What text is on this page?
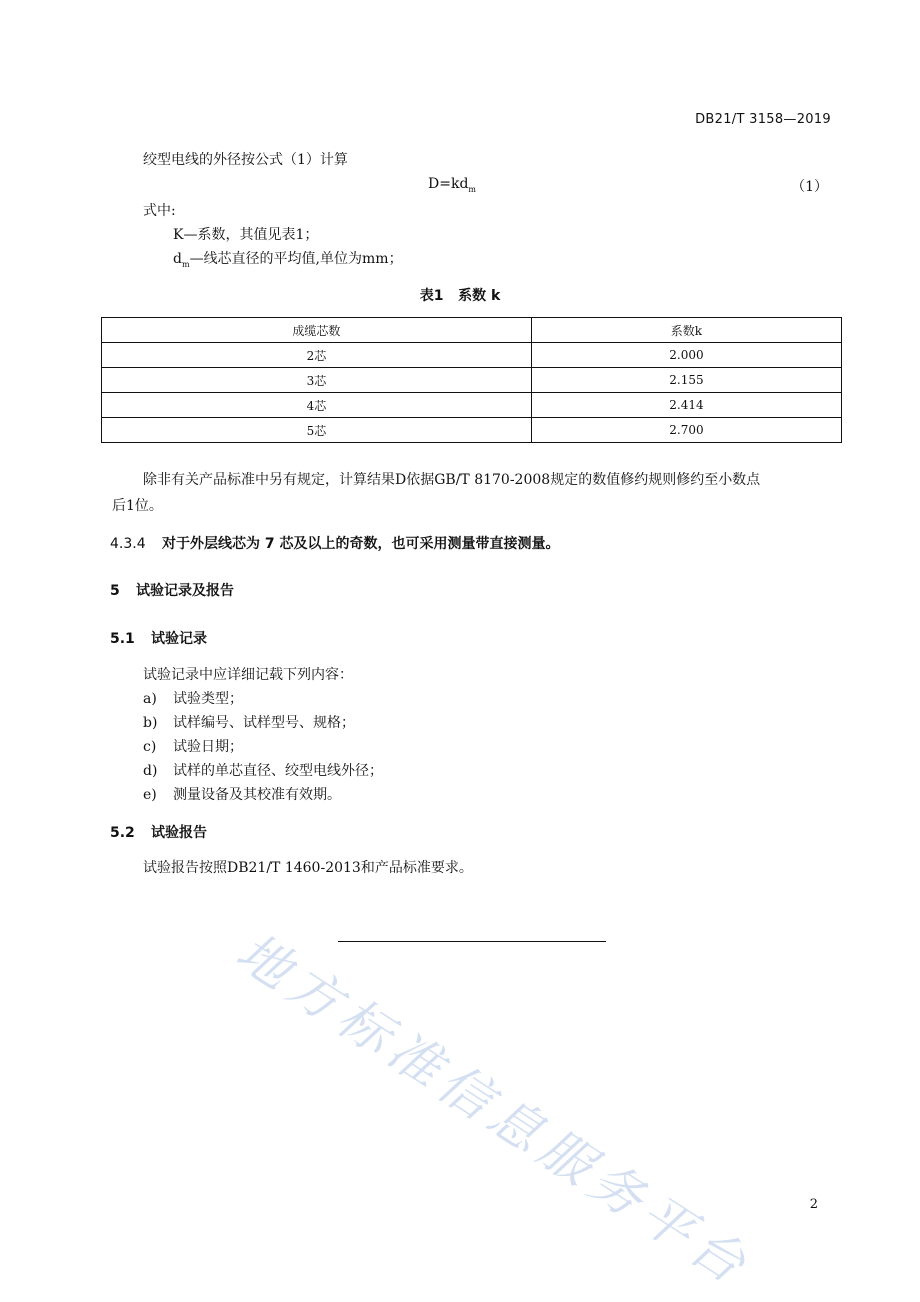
地方标准信息服务平台
DB21/T 3158—2019
绞型电线的外径按公式（1）计算
$D=kd_m$	（1）
式中:
K—系数，其值见表1；
$d_m—$线芯直径的平均值,单位为mm；
表1   系数 k
成缆芯数	系数k
2芯	2.000
3芯	2.155
4芯	2.414
5芯	2.700
除非有关产品标准中另有规定，计算结果D依据GB/T 8170-2008规定的数值修约规则修约至小数点
后1位。
4.3.4 对于外层线芯为 7 芯及以上的奇数，也可采用测量带直接测量。
5 试验记录及报告
5.1 试验记录
试验记录中应详细记载下列内容：
a) 试验类型；
b) 试样编号、试样型号、规格；
c) 试验日期；
d) 试样的单芯直径、绞型电线外径；
e) 测量设备及其校准有效期。
5.2 试验报告
试验报告按照DB21/T 1460-2013和产品标准要求。
2
